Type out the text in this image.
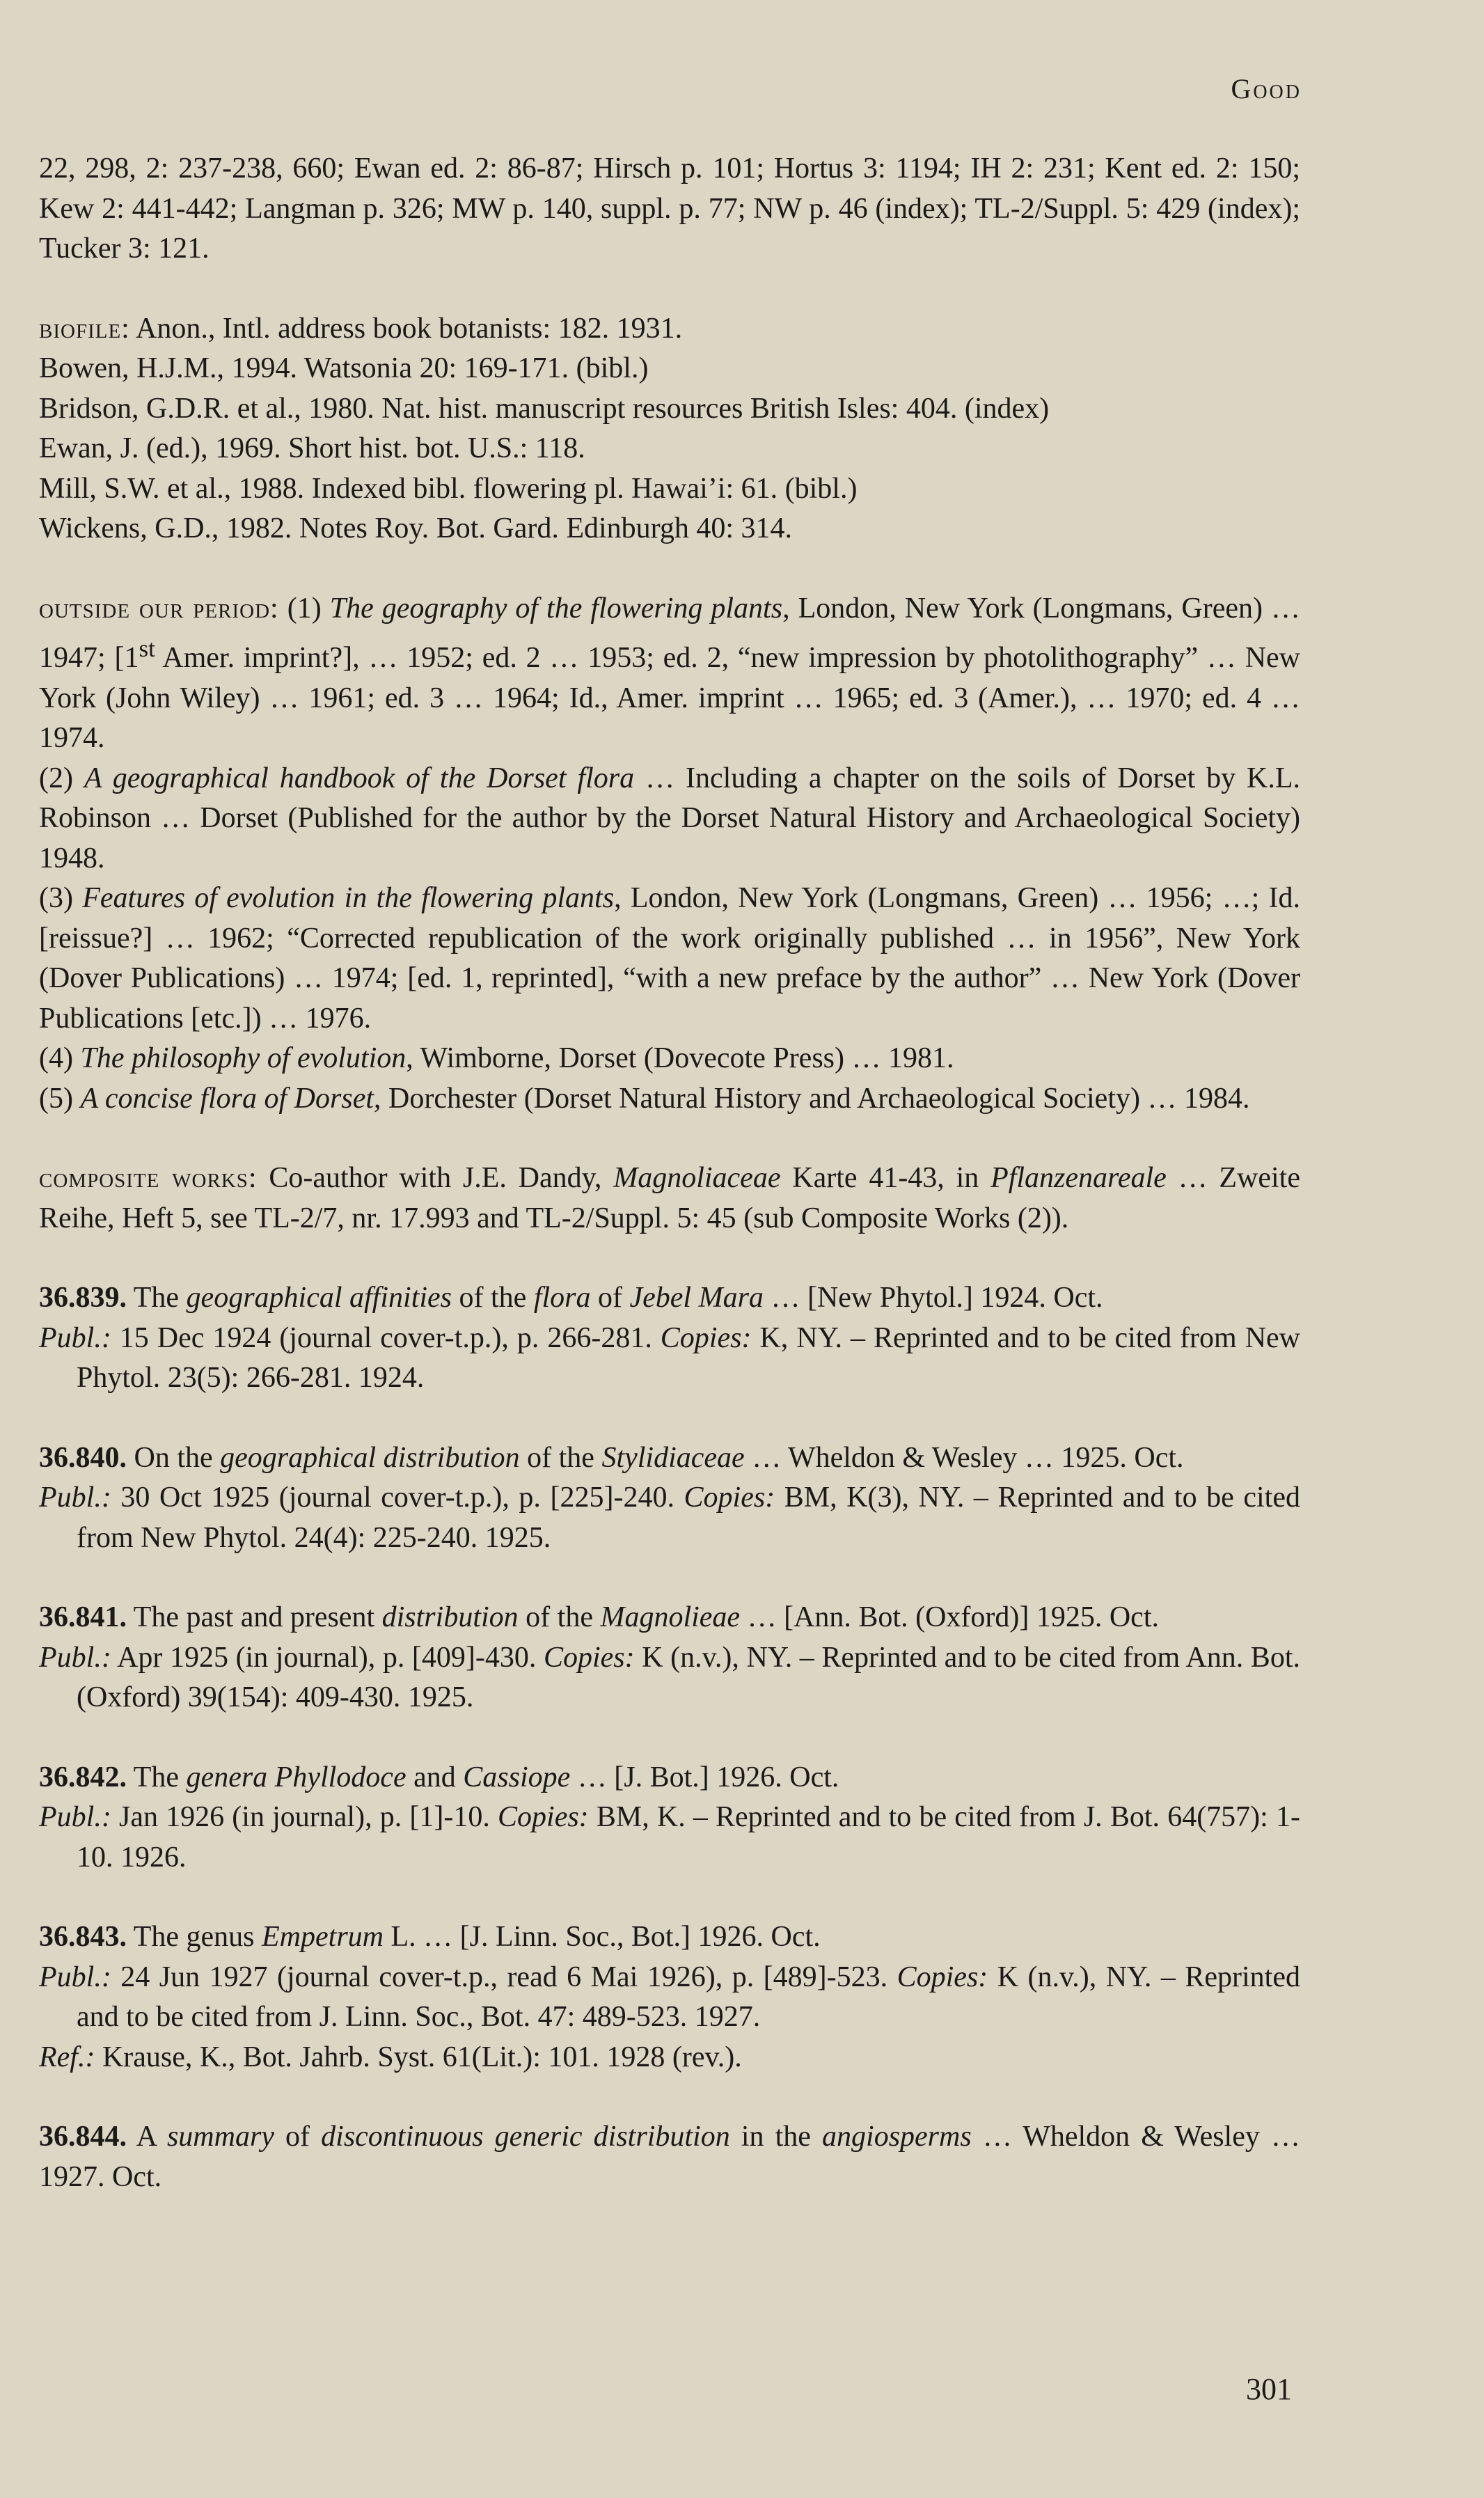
Good

22, 298, 2: 237-238, 660; Ewan ed. 2: 86-87; Hirsch p. 101; Hortus 3: 1194; IH 2: 231; Kent ed. 2: 150; Kew 2: 441-442; Langman p. 326; MW p. 140, suppl. p. 77; NW p. 46 (index); TL-2/Suppl. 5: 429 (index); Tucker 3: 121.

biofile: Anon., Intl. address book botanists: 182. 1931.

Bowen, H.J.M., 1994. Watsonia 20: 169-171. (bibl.)

Bridson, G.D.R. et al., 1980. Nat. hist. manuscript resources British Isles: 404. (index)

Ewan, J. (ed.), 1969. Short hist. bot. U.S.: 118.

Mill, S.W. et al., 1988. Indexed bibl. flowering pl. Hawai’i: 61. (bibl.)

Wickens, G.D., 1982. Notes Roy. Bot. Gard. Edinburgh 40: 314.

outside our period: (1) The geography of the flowering plants, London, New York (Longmans, Green) … 1947; [1st Amer. imprint?], … 1952; ed. 2 … 1953; ed. 2, “new impression by photolithography” … New York (John Wiley) … 1961; ed. 3 … 1964; Id., Amer. imprint … 1965; ed. 3 (Amer.), … 1970; ed. 4 … 1974.

(2) A geographical handbook of the Dorset flora … Including a chapter on the soils of Dorset by K.L. Robinson … Dorset (Published for the author by the Dorset Natural History and Archaeological Society) 1948.

(3) Features of evolution in the flowering plants, London, New York (Longmans, Green) … 1956; …; Id. [reissue?] … 1962; “Corrected republication of the work originally published … in 1956”, New York (Dover Publications) … 1974; [ed. 1, reprinted], “with a new preface by the author” … New York (Dover Publications [etc.]) … 1976.

(4) The philosophy of evolution, Wimborne, Dorset (Dovecote Press) … 1981.

(5) A concise flora of Dorset, Dorchester (Dorset Natural History and Archaeological Society) … 1984.

composite works: Co-author with J.E. Dandy, Magnoliaceae Karte 41-43, in Pflanzenareale … Zweite Reihe, Heft 5, see TL-2/7, nr. 17.993 and TL-2/Suppl. 5: 45 (sub Composite Works (2)).

36.839. The geographical affinities of the flora of Jebel Mara … [New Phytol.] 1924. Oct.

Publ.: 15 Dec 1924 (journal cover-t.p.), p. 266-281. Copies: K, NY. – Reprinted and to be cited from New Phytol. 23(5): 266-281. 1924.

36.840. On the geographical distribution of the Stylidiaceae … Wheldon & Wesley … 1925. Oct.

Publ.: 30 Oct 1925 (journal cover-t.p.), p. [225]-240. Copies: BM, K(3), NY. – Reprinted and to be cited from New Phytol. 24(4): 225-240. 1925.

36.841. The past and present distribution of the Magnolieae … [Ann. Bot. (Oxford)] 1925. Oct.

Publ.: Apr 1925 (in journal), p. [409]-430. Copies: K (n.v.), NY. – Reprinted and to be cited from Ann. Bot. (Oxford) 39(154): 409-430. 1925.

36.842. The genera Phyllodoce and Cassiope … [J. Bot.] 1926. Oct.

Publ.: Jan 1926 (in journal), p. [1]-10. Copies: BM, K. – Reprinted and to be cited from J. Bot. 64(757): 1-10. 1926.

36.843. The genus Empetrum L. … [J. Linn. Soc., Bot.] 1926. Oct.

Publ.: 24 Jun 1927 (journal cover-t.p., read 6 Mai 1926), p. [489]-523. Copies: K (n.v.), NY. – Reprinted and to be cited from J. Linn. Soc., Bot. 47: 489-523. 1927.

Ref.: Krause, K., Bot. Jahrb. Syst. 61(Lit.): 101. 1928 (rev.).

36.844. A summary of discontinuous generic distribution in the angiosperms … Wheldon & Wesley … 1927. Oct.

301
